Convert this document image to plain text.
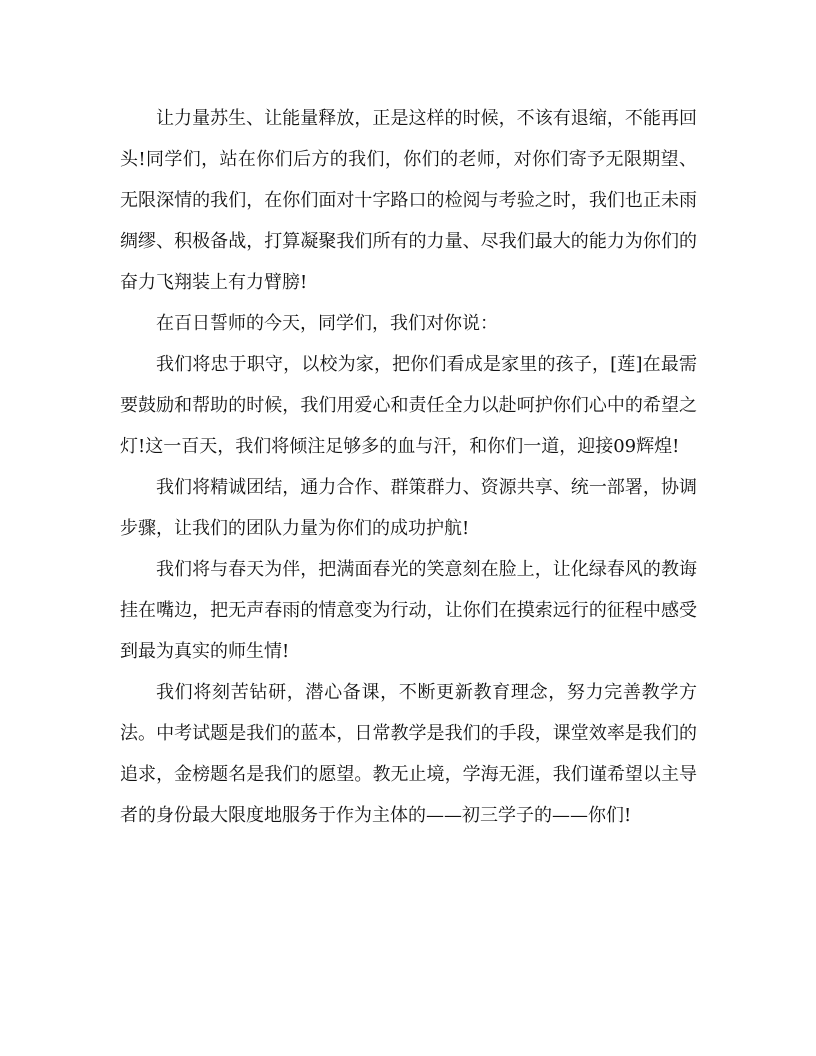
让力量苏生、让能量释放，正是这样的时候，不该有退缩，不能再回头!同学们，站在你们后方的我们，你们的老师，对你们寄予无限期望、无限深情的我们，在你们面对十字路口的检阅与考验之时，我们也正未雨绸缪、积极备战，打算凝聚我们所有的力量、尽我们最大的能力为你们的奋力飞翔装上有力臂膀!

在百日誓师的今天，同学们，我们对你说：

我们将忠于职守，以校为家，把你们看成是家里的孩子，[莲]在最需要鼓励和帮助的时候，我们用爱心和责任全力以赴呵护你们心中的希望之灯!这一百天，我们将倾注足够多的血与汗，和你们一道，迎接09辉煌!

我们将精诚团结，通力合作、群策群力、资源共享、统一部署，协调步骤，让我们的团队力量为你们的成功护航!

我们将与春天为伴，把满面春光的笑意刻在脸上，让化绿春风的教诲挂在嘴边，把无声春雨的情意变为行动，让你们在摸索远行的征程中感受到最为真实的师生情!

我们将刻苦钻研，潜心备课，不断更新教育理念，努力完善教学方法。中考试题是我们的蓝本，日常教学是我们的手段，课堂效率是我们的追求，金榜题名是我们的愿望。教无止境，学海无涯，我们谨希望以主导者的身份最大限度地服务于作为主体的——初三学子的——你们!
